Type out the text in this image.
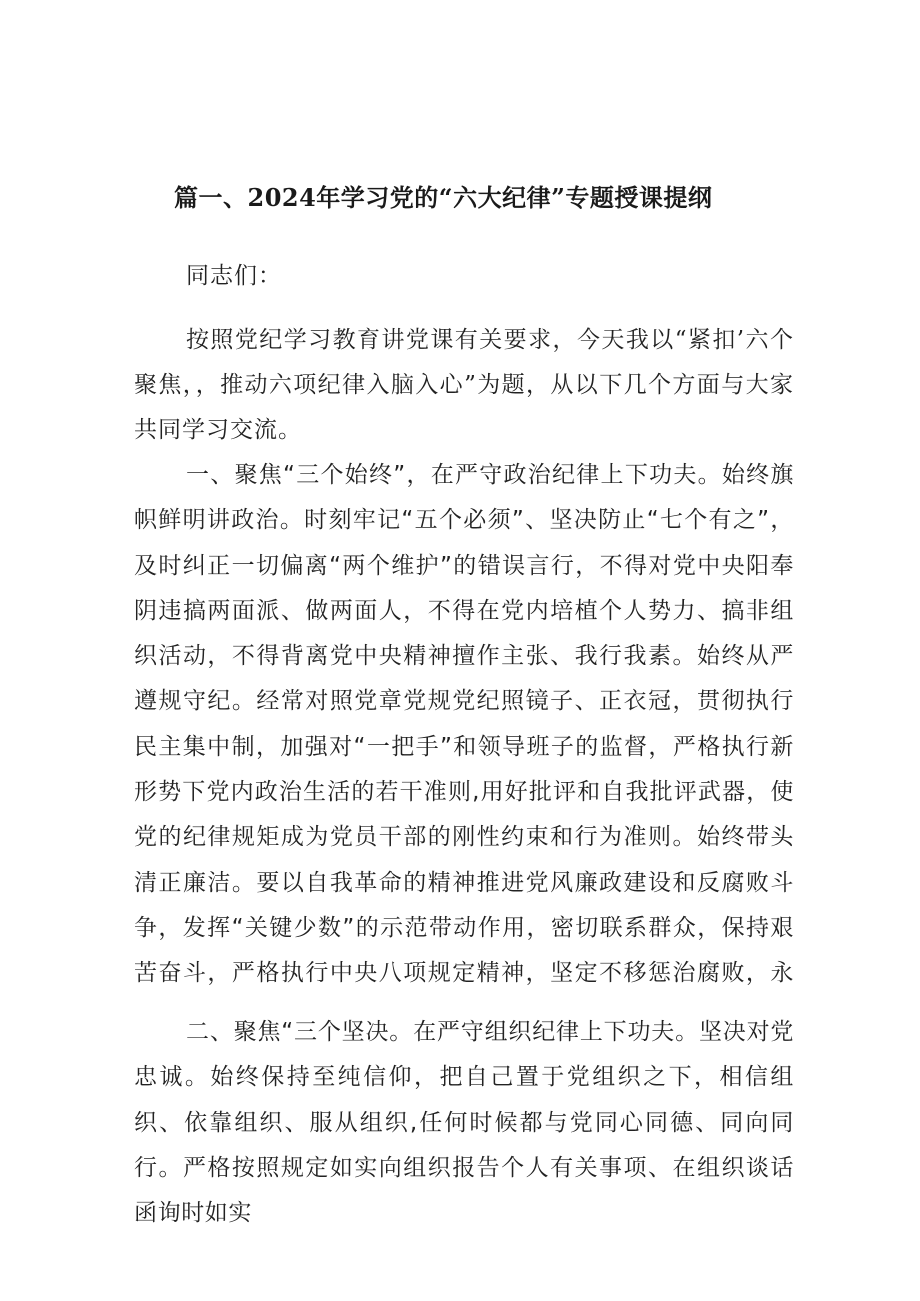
篇一、2024年学习党的“六大纪律”专题授课提纲
同志们：

按照党纪学习教育讲党课有关要求，今天我以“紧扣’六个聚焦，，推动六项纪律入脑入心”为题，从以下几个方面与大家共同学习交流。

一、聚焦“三个始终”，在严守政治纪律上下功夫。始终旗帜鲜明讲政治。时刻牢记“五个必须”、坚决防止“七个有之”，及时纠正一切偏离“两个维护”的错误言行，不得对党中央阳奉阴违搞两面派、做两面人，不得在党内培植个人势力、搞非组织活动，不得背离党中央精神擅作主张、我行我素。始终从严遵规守纪。经常对照党章党规党纪照镜子、正衣冠，贯彻执行民主集中制，加强对“一把手”和领导班子的监督，严格执行新形势下党内政治生活的若干准则,用好批评和自我批评武器，使党的纪律规矩成为党员干部的刚性约束和行为准则。始终带头清正廉洁。要以自我革命的精神推进党风廉政建设和反腐败斗争，发挥“关键少数”的示范带动作用，密切联系群众，保持艰苦奋斗，严格执行中央八项规定精神，坚定不移惩治腐败，永

二、聚焦“三个坚决。在严守组织纪律上下功夫。坚决对党忠诚。始终保持至纯信仰，把自己置于党组织之下，相信组织、依靠组织、服从组织,任何时候都与党同心同德、同向同行。严格按照规定如实向组织报告个人有关事项、在组织谈话函询时如实
